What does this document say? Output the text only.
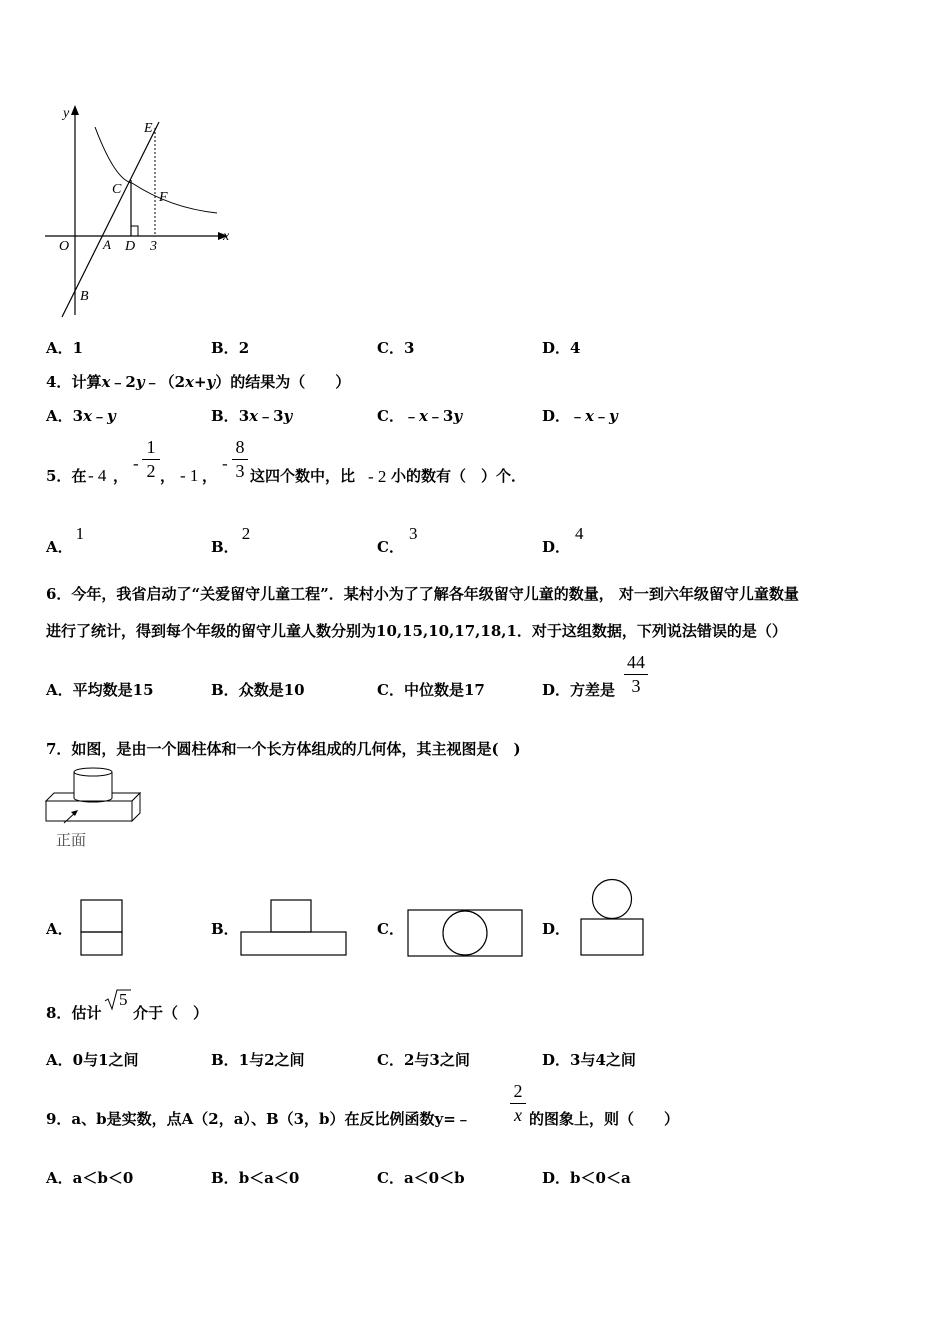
y
x
O	A D 3
B
C
E
F
A．1	B．2	C．3	D．4
4．计算x﹣2y﹣（2x+y）的结果为（　　）
A．3x﹣y	B．3x﹣3y	C．﹣x﹣3y	D．﹣x﹣y
5．在 - 4 ，
-
1
2 ， - 1 ，
-
8
3 这四个数中，比 - 2 小的数有（　）个．
A．1
B．2
C．3
D．4
6．今年，我省启动了“关爱留守儿童工程”．某村小为了了解各年级留守儿童的数量， 对一到六年级留守儿童数量
进行了统计，得到每个年级的留守儿童人数分别为10,15,10,17,18,1．对于这组数据，下列说法错误的是（）
A．平均数是15	B．众数是10	C．中位数是17	D．方差是
44
3
7．如图，是由一个圆柱体和一个长方体组成的几何体，其主视图是(　)
正面
A．	B．	C．	D．
8．估计
5
介于（　）
A．0与1之间	B．1与2之间	C．2与3之间	D．3与4之间
9．a、b是实数，点A（2，a）、B（3，b）在反比例函数y=﹣
2
x 的图象上，则（　　）
A．a＜b＜0	B．b＜a＜0	C．a＜0＜b	D．b＜0＜a
